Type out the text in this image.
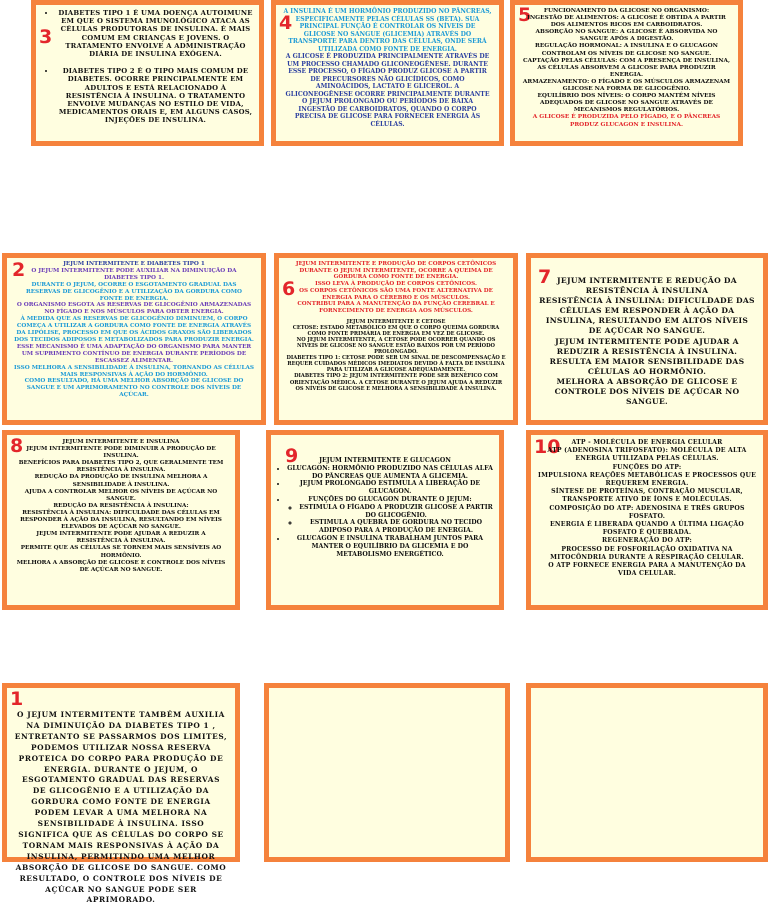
3
• DIABETES TIPO 1 É UMA DOENÇA AUTOIMUNE EM QUE O SISTEMA IMUNOLÓGICO ATACA AS CÉLULAS PRODUTORAS DE INSULINA. É MAIS COMUM EM CRIANÇAS E JOVENS. O TRATAMENTO ENVOLVE A ADMINISTRAÇÃO DIÁRIA DE INSULINA EXÓGENA.
• DIABETES TIPO 2 É O TIPO MAIS COMUM DE DIABETES. OCORRE PRINCIPALMENTE EM ADULTOS E ESTÁ RELACIONADO À RESISTÊNCIA À INSULINA. O TRATAMENTO ENVOLVE MUDANÇAS NO ESTILO DE VIDA, MEDICAMENTOS ORAIS E, EM ALGUNS CASOS, INJEÇÕES DE INSULINA.
4

A INSULINA É UM HORMÔNIO PRODUZIDO NO PÂNCREAS, ESPECIFICAMENTE PELAS CÉLULAS SS (BETA). SUA PRINCIPAL FUNÇÃO É CONTROLAR OS NÍVEIS DE GLICOSE NO SANGUE (GLICEMIA) ATRAVÉS DO TRANSPORTE PARA DENTRO DAS CÉLULAS, ONDE SERÁ UTILIZADA COMO FONTE DE ENERGIA.

A GLICOSE É PRODUZIDA PRINCIPALMENTE ATRAVÉS DE UM PROCESSO CHAMADO GLICONEOGÊNESE. DURANTE ESSE PROCESSO, O FÍGADO PRODUZ GLICOSE A PARTIR DE PRECURSORES NÃO GLICÍDICOS, COMO AMINOÁCIDOS, LACTATO E GLICEROL. A GLICONEOGÊNESE OCORRE PRINCIPALMENTE DURANTE O JEJUM PROLONGADO OU PERÍODOS DE BAIXA INGESTÃO DE CARBOIDRATOS, QUANDO O CORPO PRECISA DE GLICOSE PARA FORNECER ENERGIA ÀS CÉLULAS.

5	FUNCIONAMENTO DA GLICOSE NO ORGANISMO:

INGESTÃO DE ALIMENTOS: A GLICOSE É OBTIDA A PARTIR DOS ALIMENTOS RICOS EM CARBOIDRATOS.

ABSORÇÃO NO SANGUE: A GLICOSE É ABSORVIDA NO SANGUE APÓS A DIGESTÃO.

REGULAÇÃO HORMONAL: A INSULINA E O GLUCAGON CONTROLAM OS NÍVEIS DE GLICOSE NO SANGUE.

CAPTAÇÃO PELAS CÉLULAS: COM A PRESENÇA DE INSULINA, AS CÉLULAS ABSORVEM A GLICOSE PARA PRODUZIR ENERGIA.

ARMAZENAMENTO: O FÍGADO E OS MÚSCULOS ARMAZENAM GLICOSE NA FORMA DE GLICOGÊNIO.

EQUILÍBRIO DOS NÍVEIS: O CORPO MANTÉM NÍVEIS ADEQUADOS DE GLICOSE NO SANGUE ATRAVÉS DE MECANISMOS REGULATÓRIOS.

A GLICOSE É PRODUZIDA PELO FÍGADO, E O PÂNCREAS PRODUZ GLUCAGON E INSULINA.

2	JEJUM INTERMITENTE E DIABETES TIPO 1

O JEJUM INTERMITENTE PODE AUXILIAR NA DIMINUIÇÃO DA DIABETES TIPO 1.

DURANTE O JEJUM, OCORRE O ESGOTAMENTO GRADUAL DAS RESERVAS DE GLICOGÊNIO E A UTILIZAÇÃO DA GORDURA COMO FONTE DE ENERGIA.

O ORGANISMO ESGOTA AS RESERVAS DE GLICOGÊNIO ARMAZENADAS NO FÍGADO E NOS MÚSCULOS PARA OBTER ENERGIA.

À MEDIDA QUE AS RESERVAS DE GLICOGÊNIO DIMINUEM, O CORPO COMEÇA A UTILIZAR A GORDURA COMO FONTE DE ENERGIA ATRAVÉS DA LIPÓLISE, PROCESSO EM QUE OS ÁCIDOS GRAXOS SÃO LIBERADOS DOS TECIDOS ADIPOSOS E METABOLIZADOS PARA PRODUZIR ENERGIA.

ESSE MECANISMO É UMA ADAPTAÇÃO DO ORGANISMO PARA MANTER UM SUPRIMENTO CONTÍNUO DE ENERGIA DURANTE PERÍODOS DE ESCASSEZ ALIMENTAR.

ISSO MELHORA A SENSIBILIDADE À INSULINA, TORNANDO AS CÉLULAS MAIS RESPONSIVAS À AÇÃO DO HORMÔNIO.

COMO RESULTADO, HÁ UMA MELHOR ABSORÇÃO DE GLICOSE DO SANGUE E UM APRIMORAMENTO NO CONTROLE DOS NÍVEIS DE AÇÚCAR.

6

JEJUM INTERMITENTE E PRODUÇÃO DE CORPOS CETÔNICOS DURANTE O JEJUM INTERMITENTE, OCORRE A QUEIMA DE GORDURA COMO FONTE DE ENERGIA.

ISSO LEVA À PRODUÇÃO DE CORPOS CETÔNICOS.

OS CORPOS CETÔNICOS SÃO UMA FONTE ALTERNATIVA DE ENERGIA PARA O CÉREBRO E OS MÚSCULOS.

CONTRIBUI PARA A MANUTENÇÃO DA FUNÇÃO CEREBRAL E FORNECIMENTO DE ENERGIA AOS MÚSCULOS.

JEJUM INTERMITENTE E CETOSE

CETOSE: ESTADO METABÓLICO EM QUE O CORPO QUEIMA GORDURA COMO FONTE PRIMÁRIA DE ENERGIA EM VEZ DE GLICOSE.

NO JEJUM INTERMITENTE, A CETOSE PODE OCORRER QUANDO OS NÍVEIS DE GLICOSE NO SANGUE ESTÃO BAIXOS POR UM PERÍODO PROLONGADO.

DIABETES TIPO 1: CETOSE PODE SER UM SINAL DE DESCOMPENSAÇÃO E REQUER CUIDADOS MÉDICOS IMEDIATOS DEVIDO À FALTA DE INSULINA PARA UTILIZAR A GLICOSE ADEQUADAMENTE.

DIABETES TIPO 2: JEJUM INTERMITENTE PODE SER BENÉFICO COM ORIENTAÇÃO MÉDICA. A CETOSE DURANTE O JEJUM AJUDA A REDUZIR OS NÍVEIS DE GLICOSE E MELHORA A SENSIBILIDADE À INSULINA.

7 JEJUM INTERMITENTE E REDUÇÃO DA RESISTÊNCIA À INSULINA

RESISTÊNCIA À INSULINA: DIFICULDADE DAS CÉLULAS EM RESPONDER À AÇÃO DA INSULINA, RESULTANDO EM ALTOS NÍVEIS DE AÇÚCAR NO SANGUE.

JEJUM INTERMITENTE PODE AJUDAR A REDUZIR A RESISTÊNCIA À INSULINA.

RESULTA EM MAIOR SENSIBILIDADE DAS CÉLULAS AO HORMÔNIO.

MELHORA A ABSORÇÃO DE GLICOSE E CONTROLE DOS NÍVEIS DE AÇÚCAR NO SANGUE.

8	JEJUM INTERMITENTE E INSULINA

JEJUM INTERMITENTE PODE DIMINUIR A PRODUÇÃO DE INSULINA.

BENEFÍCIOS PARA DIABETES TIPO 2, QUE GERALMENTE TEM RESISTÊNCIA À INSULINA.

REDUÇÃO DA PRODUÇÃO DE INSULINA MELHORA A SENSIBILIDADE À INSULINA.

AJUDA A CONTROLAR MELHOR OS NÍVEIS DE AÇÚCAR NO SANGUE.

REDUÇÃO DA RESISTÊNCIA À INSULINA:

RESISTÊNCIA À INSULINA: DIFICULDADE DAS CÉLULAS EM RESPONDER À AÇÃO DA INSULINA, RESULTANDO EM NÍVEIS ELEVADOS DE AÇÚCAR NO SANGUE.

JEJUM INTERMITENTE PODE AJUDAR A REDUZIR A RESISTÊNCIA À INSULINA.

PERMITE QUE AS CÉLULAS SE TORNEM MAIS SENSÍVEIS AO HORMÔNIO.

MELHORA A ABSORÇÃO DE GLICOSE E CONTROLE DOS NÍVEIS DE AÇÚCAR NO SANGUE.

9	JEJUM INTERMITENTE E GLUCAGON

• GLUCAGON: HORMÔNIO PRODUZIDO NAS CÉLULAS ALFA DO PÂNCREAS QUE AUMENTA A GLICEMIA.
• JEJUM PROLONGADO ESTIMULA A LIBERAÇÃO DE GLUCAGON.
• FUNÇÕES DO GLUCAGON DURANTE O JEJUM:
◦ ESTIMULA O FÍGADO A PRODUZIR GLICOSE A PARTIR DO GLICOGÊNIO.
◦ ESTIMULA A QUEBRA DE GORDURA NO TECIDO ADIPOSO PARA A PRODUÇÃO DE ENERGIA.
• GLUCAGON E INSULINA TRABALHAM JUNTOS PARA MANTER O EQUILÍBRIO DA GLICEMIA E DO METABOLISMO ENERGÉTICO.
10	ATP - MOLÉCULA DE ENERGIA CELULAR

ATP (ADENOSINA TRIFOSFATO): MOLÉCULA DE ALTA ENERGIA UTILIZADA PELAS CÉLULAS.

FUNÇÕES DO ATP:

IMPULSIONA REAÇÕES METABÓLICAS E PROCESSOS QUE REQUEREM ENERGIA.

SÍNTESE DE PROTEÍNAS, CONTRAÇÃO MUSCULAR, TRANSPORTE ATIVO DE ÍONS E MOLÉCULAS.

COMPOSIÇÃO DO ATP: ADENOSINA E TRÊS GRUPOS FOSFATO.

ENERGIA É LIBERADA QUANDO A ÚLTIMA LIGAÇÃO FOSFATO É QUEBRADA.

REGENERAÇÃO DO ATP:

PROCESSO DE FOSFORILAÇÃO OXIDATIVA NA MITOCÔNDRIA DURANTE A RESPIRAÇÃO CELULAR.

O ATP FORNECE ENERGIA PARA A MANUTENÇÃO DA VIDA CELULAR.

1

O JEJUM INTERMITENTE TAMBÉM AUXILIA NA DIMINUIÇÃO DA DIABETES TIPO 1 , ENTRETANTO SE PASSARMOS DOS LIMITES, PODEMOS UTILIZAR NOSSA RESERVA PROTEICA DO CORPO PARA PRODUÇÃO DE ENERGIA. DURANTE O JEJUM, O ESGOTAMENTO GRADUAL DAS RESERVAS DE GLICOGÊNIO E A UTILIZAÇÃO DA GORDURA COMO FONTE DE ENERGIA PODEM LEVAR A UMA MELHORA NA SENSIBILIDADE À INSULINA. ISSO SIGNIFICA QUE AS CÉLULAS DO CORPO SE TORNAM MAIS RESPONSIVAS À AÇÃO DA INSULINA, PERMITINDO UMA MELHOR ABSORÇÃO DE GLICOSE DO SANGUE. COMO RESULTADO, O CONTROLE DOS NÍVEIS DE AÇÚCAR NO SANGUE PODE SER APRIMORADO.
